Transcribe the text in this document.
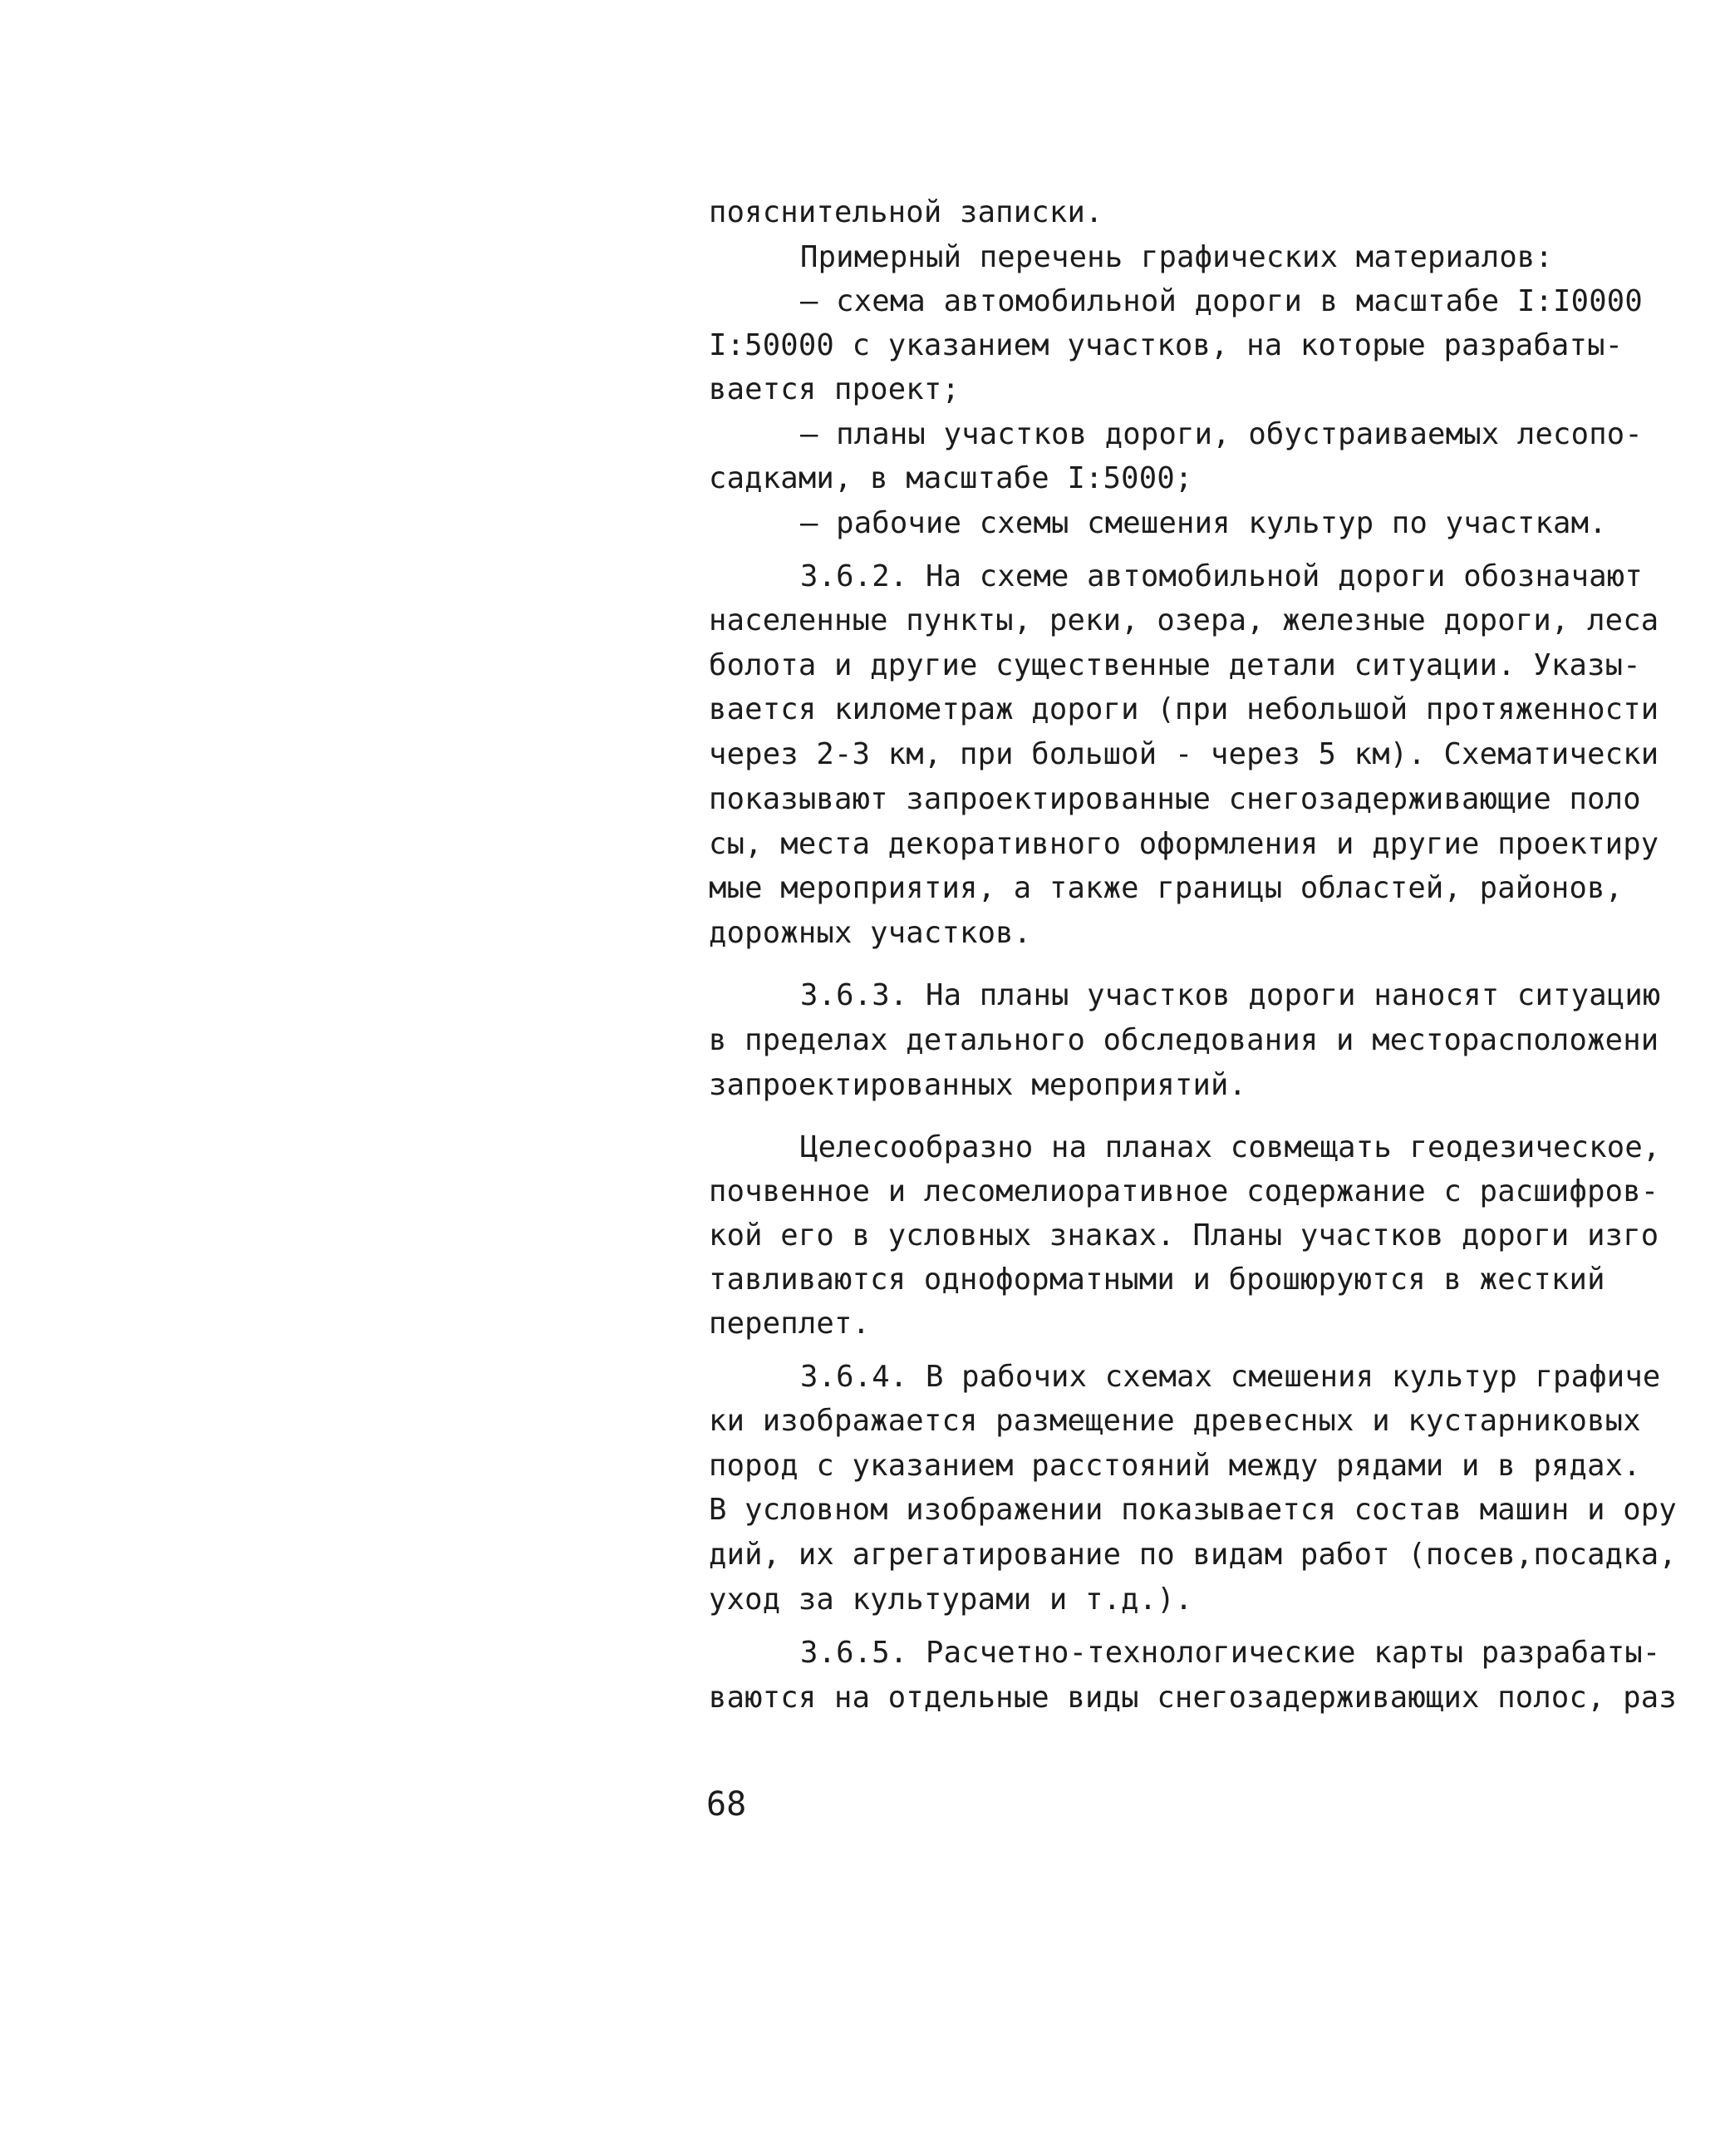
пояснительной записки.
Примерный перечень графических материалов:
– схема автомобильной дороги в масштабе I:I0000
I:50000 с указанием участков, на которые разрабаты-
вается проект;
– планы участков дороги, обустраиваемых лесопо-
садками, в масштабе I:5000;
– рабочие схемы смешения культур по участкам.
3.6.2. На схеме автомобильной дороги обозначают
населенные пункты, реки, озера, железные дороги, леса
болота и другие существенные детали ситуации. Указы-
вается километраж дороги (при небольшой протяженности
через 2-3 км, при большой - через 5 км). Схематически
показывают запроектированные снегозадерживающие поло
сы, места декоративного оформления и другие проектиру
мые мероприятия, а также границы областей, районов,
дорожных участков.
3.6.3. На планы участков дороги наносят ситуацию
в пределах детального обследования и месторасположени
запроектированных мероприятий.
Целесообразно на планах совмещать геодезическое,
почвенное и лесомелиоративное содержание с расшифров-
кой его в условных знаках. Планы участков дороги изго
тавливаются одноформатными и брошюруются в жесткий
переплет.
3.6.4. В рабочих схемах смешения культур графиче
ки изображается размещение древесных и кустарниковых
пород с указанием расстояний между рядами и в рядах.
В условном изображении показывается состав машин и ору
дий, их агрегатирование по видам работ (посев,посадка,
уход за культурами и т.д.).
3.6.5. Расчетно-технологические карты разрабаты-
ваются на отдельные виды снегозадерживающих полос, раз
68
